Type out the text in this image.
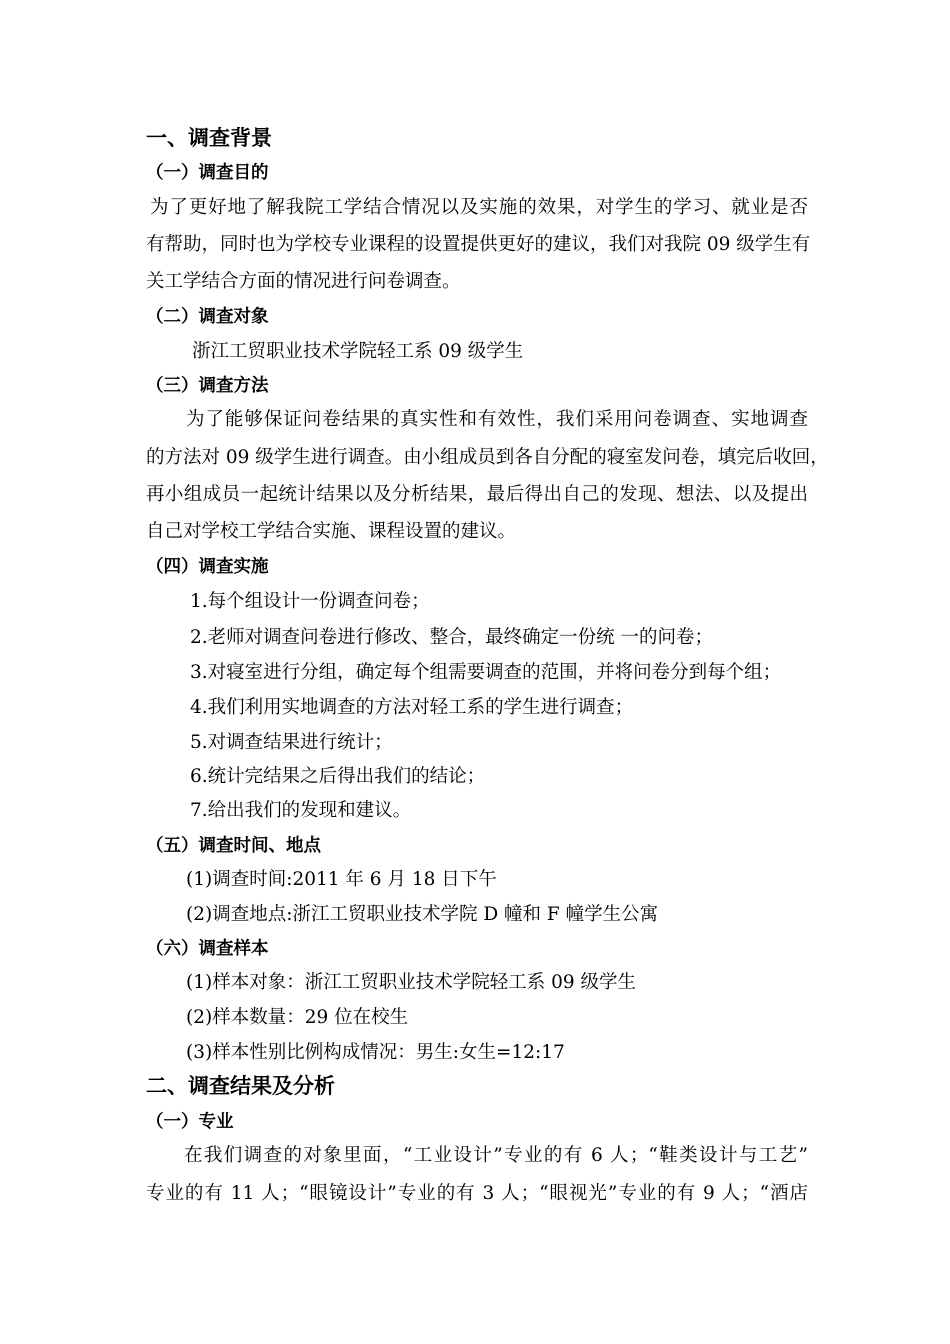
一、调查背景
（一）调查目的
为了更好地了解我院工学结合情况以及实施的效果，对学生的学习、就业是否
有帮助，同时也为学校专业课程的设置提供更好的建议，我们对我院 09 级学生有
关工学结合方面的情况进行问卷调查。
（二）调查对象
浙江工贸职业技术学院轻工系 09 级学生
（三）调查方法
为了能够保证问卷结果的真实性和有效性，我们采用问卷调查、实地调查
的方法对 09 级学生进行调查。由小组成员到各自分配的寝室发问卷，填完后收回，
再小组成员一起统计结果以及分析结果，最后得出自己的发现、想法、以及提出
自己对学校工学结合实施、课程设置的建议。
（四）调查实施
1.每个组设计一份调查问卷；
2.老师对调查问卷进行修改、整合，最终确定一份统 一的问卷；
3.对寝室进行分组，确定每个组需要调查的范围，并将问卷分到每个组；
4.我们利用实地调查的方法对轻工系的学生进行调查；
5.对调查结果进行统计；
6.统计完结果之后得出我们的结论；
7.给出我们的发现和建议。
（五）调查时间、地点
(1)调查时间:2011 年 6 月 18 日下午
(2)调查地点:浙江工贸职业技术学院 D 幢和 F 幢学生公寓
（六）调查样本
(1)样本对象：浙江工贸职业技术学院轻工系 09 级学生
(2)样本数量：29 位在校生
(3)样本性别比例构成情况：男生:女生=12:17
二、调查结果及分析
（一）专业
在我们调查的对象里面，“工业设计”专业的有 6 人；“鞋类设计与工艺”
专业的有 11 人；“眼镜设计”专业的有 3 人；“眼视光”专业的有 9 人；“酒店
